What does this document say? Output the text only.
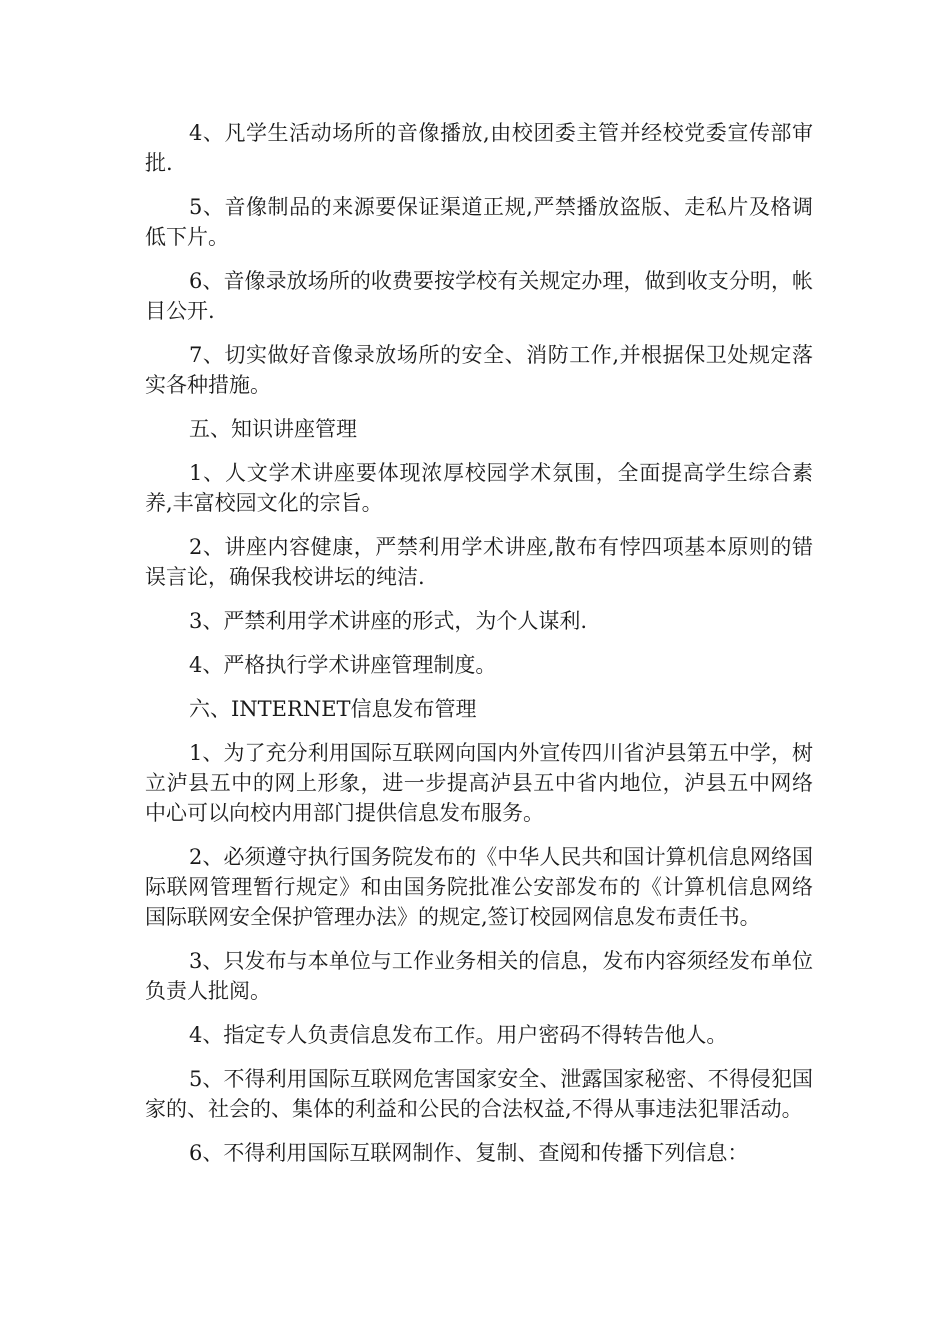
4、凡学生活动场所的音像播放,由校团委主管并经校党委宣传部审批.

5、音像制品的来源要保证渠道正规,严禁播放盗版、走私片及格调低下片。

6、音像录放场所的收费要按学校有关规定办理，做到收支分明，帐目公开.

7、切实做好音像录放场所的安全、消防工作,并根据保卫处规定落实各种措施。

五、知识讲座管理

1、人文学术讲座要体现浓厚校园学术氛围，全面提高学生综合素养,丰富校园文化的宗旨。

2、讲座内容健康，严禁利用学术讲座,散布有悖四项基本原则的错误言论，确保我校讲坛的纯洁.

3、严禁利用学术讲座的形式，为个人谋利.

4、严格执行学术讲座管理制度。

六、INTERNET信息发布管理

1、为了充分利用国际互联网向国内外宣传四川省泸县第五中学，树立泸县五中的网上形象，进一步提高泸县五中省内地位，泸县五中网络中心可以向校内用部门提供信息发布服务。

2、必须遵守执行国务院发布的《中华人民共和国计算机信息网络国际联网管理暂行规定》和由国务院批准公安部发布的《计算机信息网络国际联网安全保护管理办法》的规定,签订校园网信息发布责任书。

3、只发布与本单位与工作业务相关的信息，发布内容须经发布单位负责人批阅。

4、指定专人负责信息发布工作。用户密码不得转告他人。

5、不得利用国际互联网危害国家安全、泄露国家秘密、不得侵犯国家的、社会的、集体的利益和公民的合法权益,不得从事违法犯罪活动。

6、不得利用国际互联网制作、复制、查阅和传播下列信息：
